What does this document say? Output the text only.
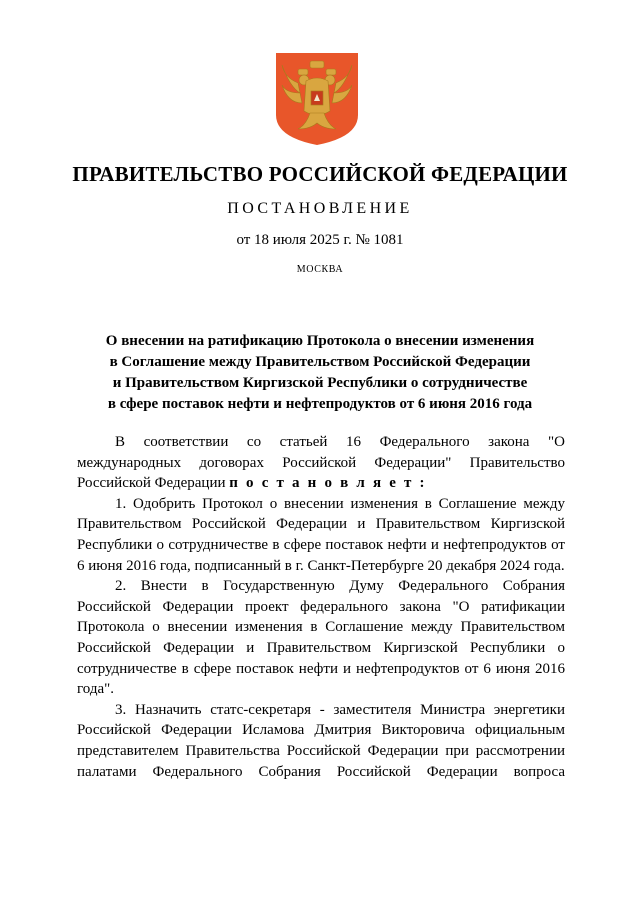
ПРАВИТЕЛЬСТВО РОССИЙСКОЙ ФЕДЕРАЦИИ
ПОСТАНОВЛЕНИЕ
от 18 июля 2025 г. № 1081
МОСКВА
О внесении на ратификацию Протокола о внесении изменения
в Соглашение между Правительством Российской Федерации
и Правительством Киргизской Республики о сотрудничестве
в сфере поставок нефти и нефтепродуктов от 6 июня 2016 года

В соответствии со статьей 16 Федерального закона "О международных договорах Российской Федерации" Правительство Российской Федерации п о с т а н о в л я е т :

1. Одобрить Протокол о внесении изменения в Соглашение между Правительством Российской Федерации и Правительством Киргизской Республики о сотрудничестве в сфере поставок нефти и нефтепродуктов от 6 июня 2016 года, подписанный в г. Санкт-Петербурге 20 декабря 2024 года.

2. Внести в Государственную Думу Федерального Собрания Российской Федерации проект федерального закона "О ратификации Протокола о внесении изменения в Соглашение между Правительством Российской Федерации и Правительством Киргизской Республики о сотрудничестве в сфере поставок нефти и нефтепродуктов от 6 июня 2016 года".

3. Назначить статс-секретаря - заместителя Министра энергетики Российской Федерации Исламова Дмитрия Викторовича официальным представителем Правительства Российской Федерации при рассмотрении палатами Федерального Собрания Российской Федерации вопроса
